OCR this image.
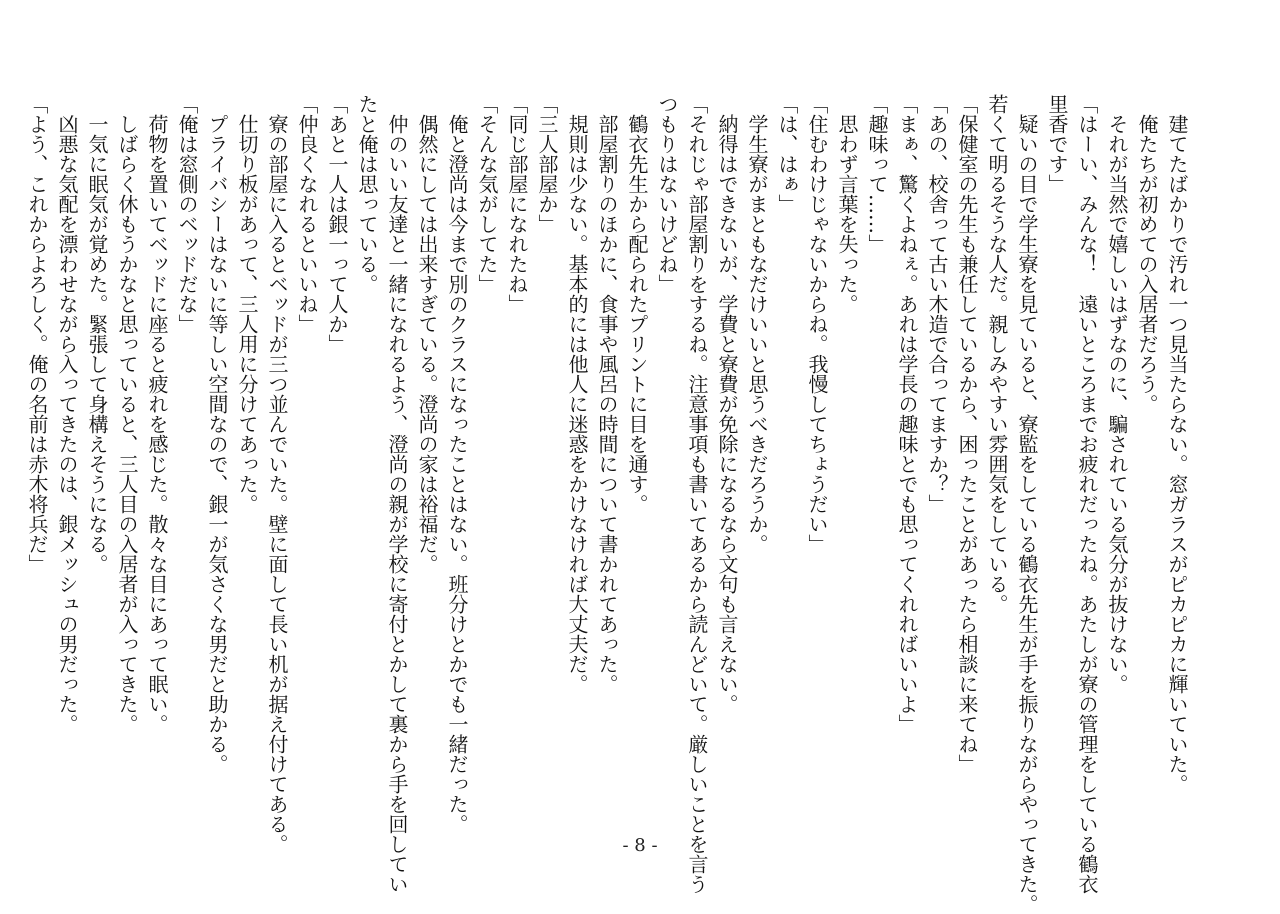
　建てたばかりで汚れ一つ見当たらない。窓ガラスがピカピカに輝いていた。
　俺たちが初めての入居者だろう。
　それが当然で嬉しいはずなのに、騙されている気分が抜けない。
「はーい、みんな！　遠いところまでお疲れだったね。あたしが寮の管理をしている鶴衣
里香です」
　疑いの目で学生寮を見ていると、寮監をしている鶴衣先生が手を振りながらやってきた。
若くて明るそうな人だ。親しみやすい雰囲気をしている。
「保健室の先生も兼任しているから、困ったことがあったら相談に来てね」
「あの、校舎って古い木造で合ってますか？」
「まぁ、驚くよねぇ。あれは学長の趣味とでも思ってくれればいいよ」
「趣味って……」
　思わず言葉を失った。
「住むわけじゃないからね。我慢してちょうだい」
「は、はぁ」
　学生寮がまともなだけいいと思うべきだろうか。
　納得はできないが、学費と寮費が免除になるなら文句も言えない。
「それじゃ部屋割りをするね。注意事項も書いてあるから読んどいて。厳しいことを言う
つもりはないけどね」
　鶴衣先生から配られたプリントに目を通す。
　部屋割りのほかに、食事や風呂の時間について書かれてあった。
　規則は少ない。基本的には他人に迷惑をかけなければ大丈夫だ。
「三人部屋か」
「同じ部屋になれたね」
「そんな気がしてた」
　俺と澄尚は今まで別のクラスになったことはない。班分けとかでも一緒だった。
　偶然にしては出来すぎている。澄尚の家は裕福だ。
　仲のいい友達と一緒になれるよう、澄尚の親が学校に寄付とかして裏から手を回してい
たと俺は思っている。
「あと一人は銀一って人か」
「仲良くなれるといいね」
　寮の部屋に入るとベッドが三つ並んでいた。壁に面して長い机が据え付けてある。
　仕切り板があって、三人用に分けてあった。
　プライバシーはないに等しい空間なので、銀一が気さくな男だと助かる。
「俺は窓側のベッドだな」
　荷物を置いてベッドに座ると疲れを感じた。散々な目にあって眠い。
　しばらく休もうかなと思っていると、三人目の入居者が入ってきた。
　一気に眠気が覚めた。緊張して身構えそうになる。
　凶悪な気配を漂わせながら入ってきたのは、銀メッシュの男だった。
「よう、これからよろしく。俺の名前は赤木将兵だ」
- 8 -
